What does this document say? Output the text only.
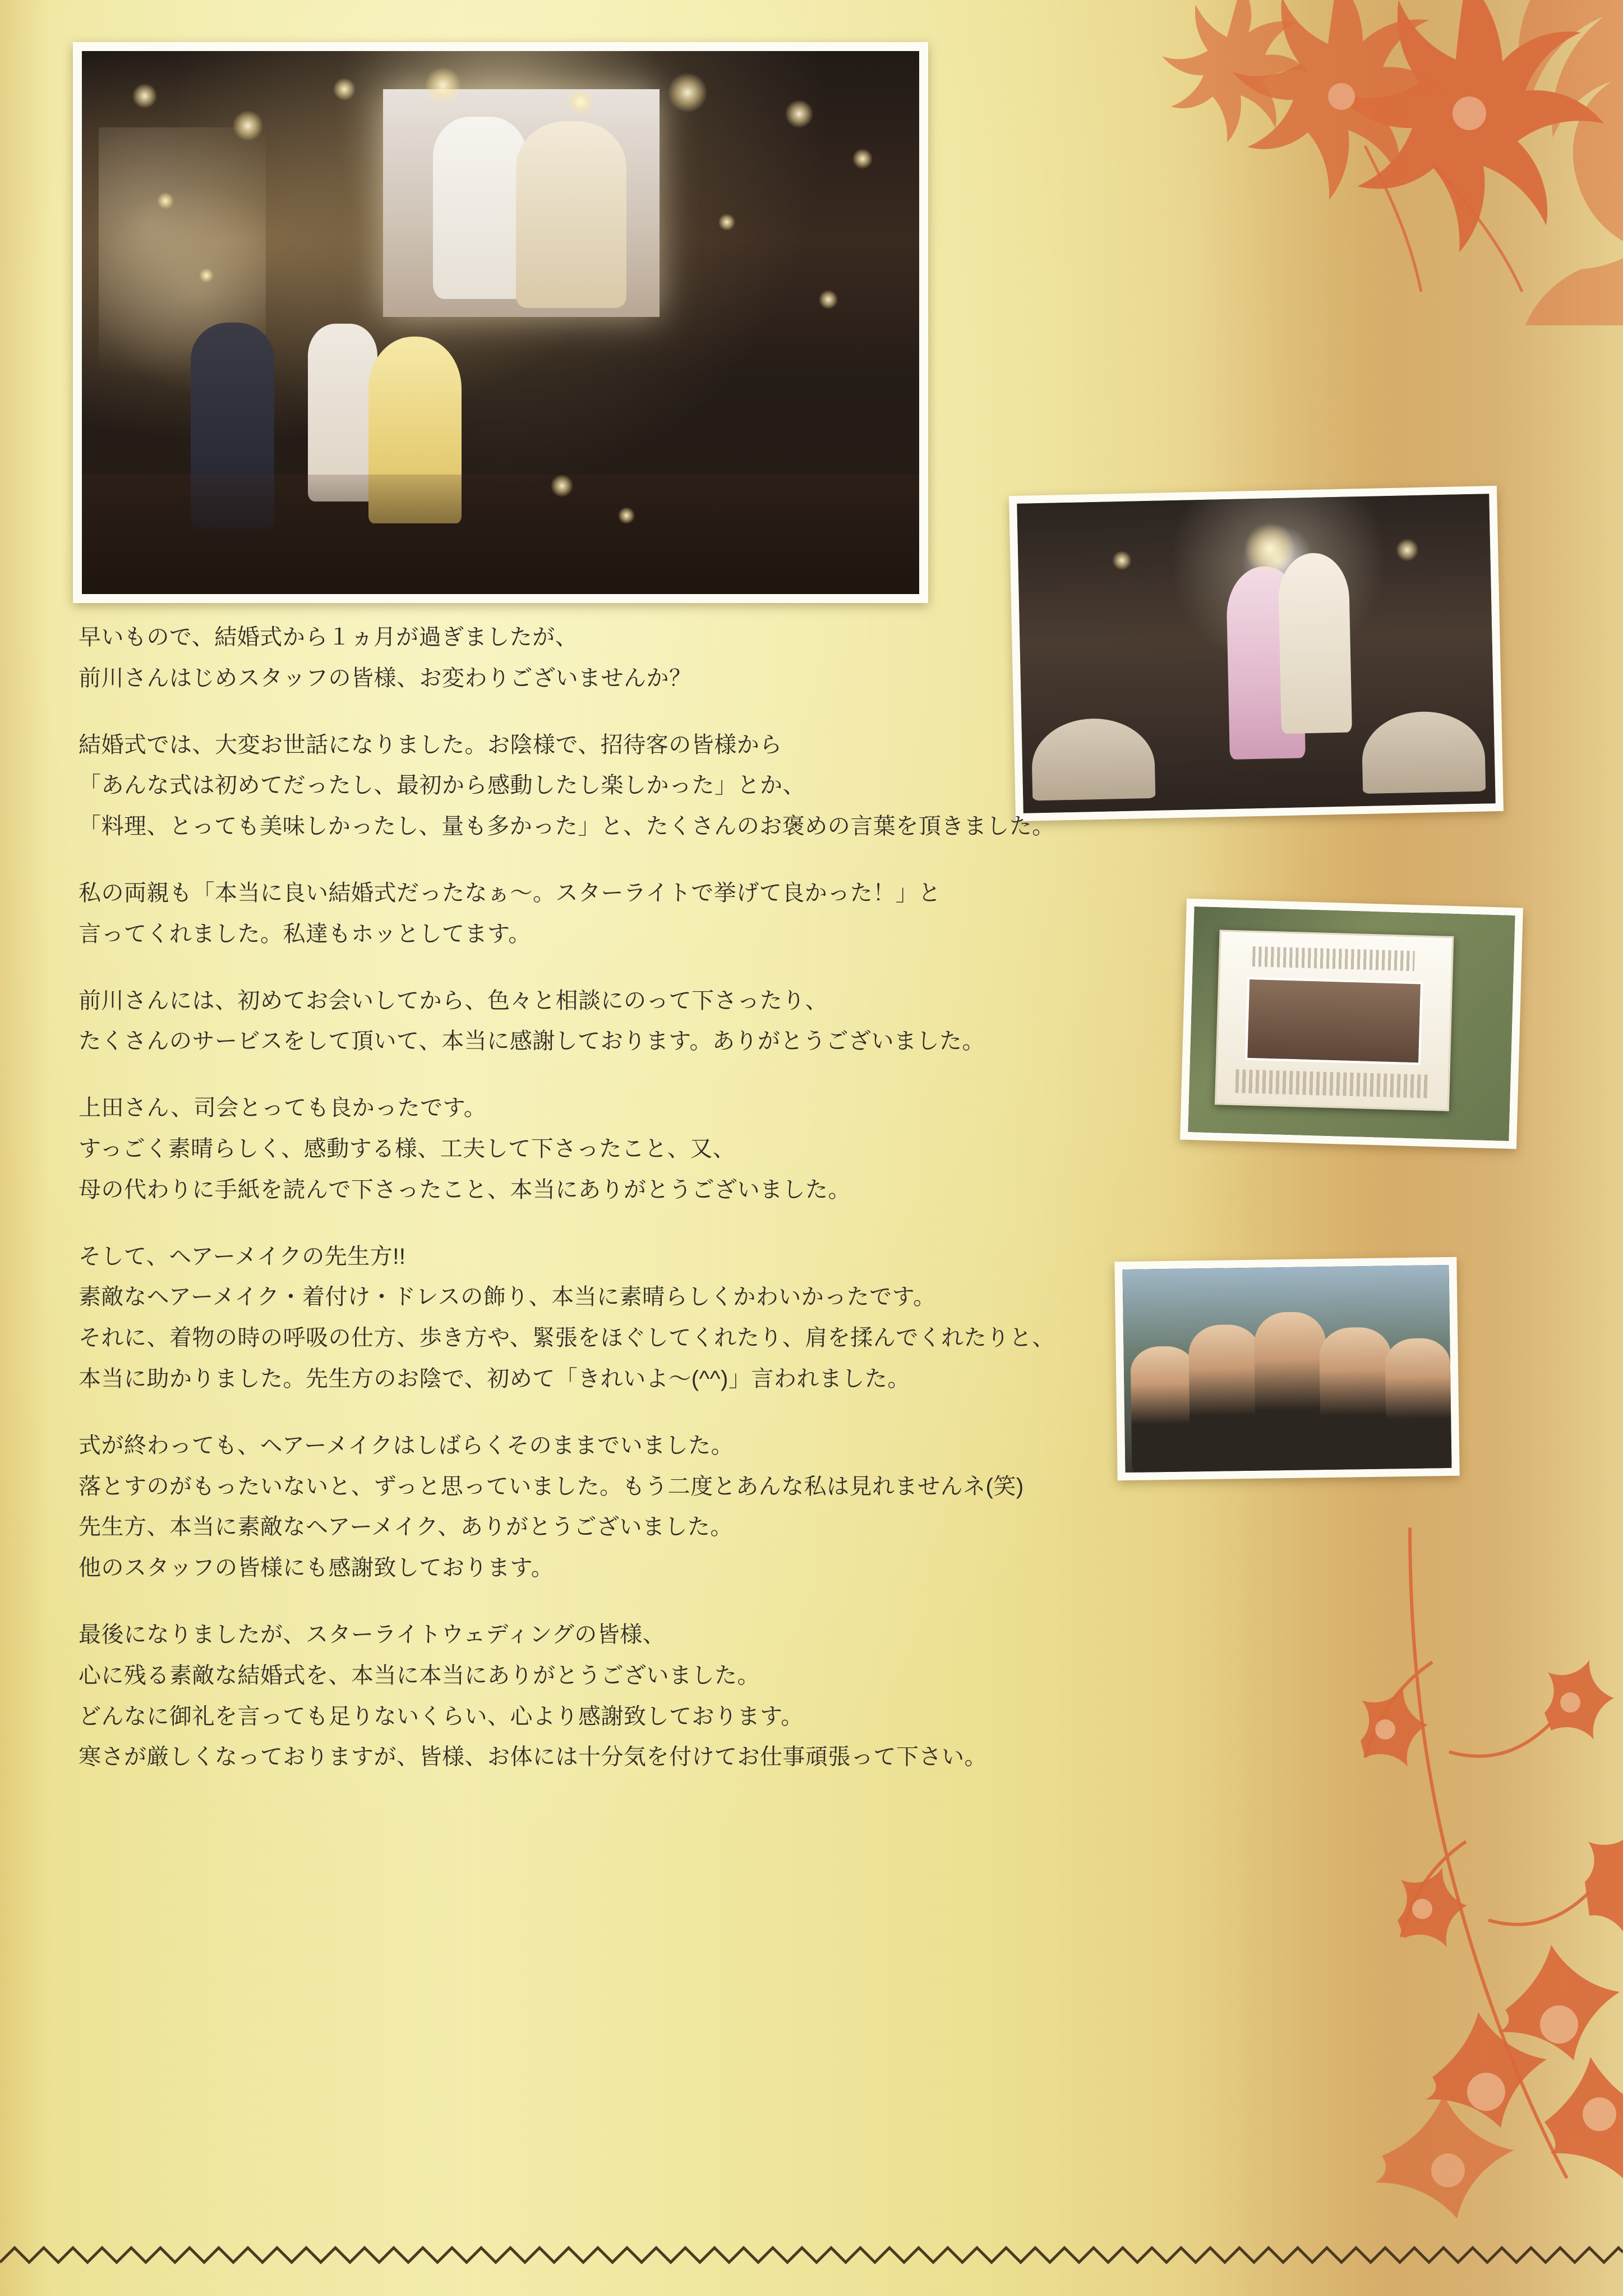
早いもので、結婚式から１ヵ月が過ぎましたが、
前川さんはじめスタッフの皆様、お変わりございませんか？

結婚式では、大変お世話になりました。お陰様で、招待客の皆様から
「あんな式は初めてだったし、最初から感動したし楽しかった」とか、
「料理、とっても美味しかったし、量も多かった」と、たくさんのお褒めの言葉を頂きました。

私の両親も「本当に良い結婚式だったなぁ～。スターライトで挙げて良かった！」と
言ってくれました。私達もホッとしてます。

前川さんには、初めてお会いしてから、色々と相談にのって下さったり、
たくさんのサービスをして頂いて、本当に感謝しております。ありがとうございました。

上田さん、司会とっても良かったです。
すっごく素晴らしく、感動する様、工夫して下さったこと、又、
母の代わりに手紙を読んで下さったこと、本当にありがとうございました。

そして、ヘアーメイクの先生方!!
素敵なヘアーメイク・着付け・ドレスの飾り、本当に素晴らしくかわいかったです。
それに、着物の時の呼吸の仕方、歩き方や、緊張をほぐしてくれたり、肩を揉んでくれたりと、
本当に助かりました。先生方のお陰で、初めて「きれいよ～(^^)」言われました。

式が終わっても、ヘアーメイクはしばらくそのままでいました。
落とすのがもったいないと、ずっと思っていました。もう二度とあんな私は見れませんネ(笑)
先生方、本当に素敵なヘアーメイク、ありがとうございました。
他のスタッフの皆様にも感謝致しております。

最後になりましたが、スターライトウェディングの皆様、
心に残る素敵な結婚式を、本当に本当にありがとうございました。
どんなに御礼を言っても足りないくらい、心より感謝致しております。
寒さが厳しくなっておりますが、皆様、お体には十分気を付けてお仕事頑張って下さい。
